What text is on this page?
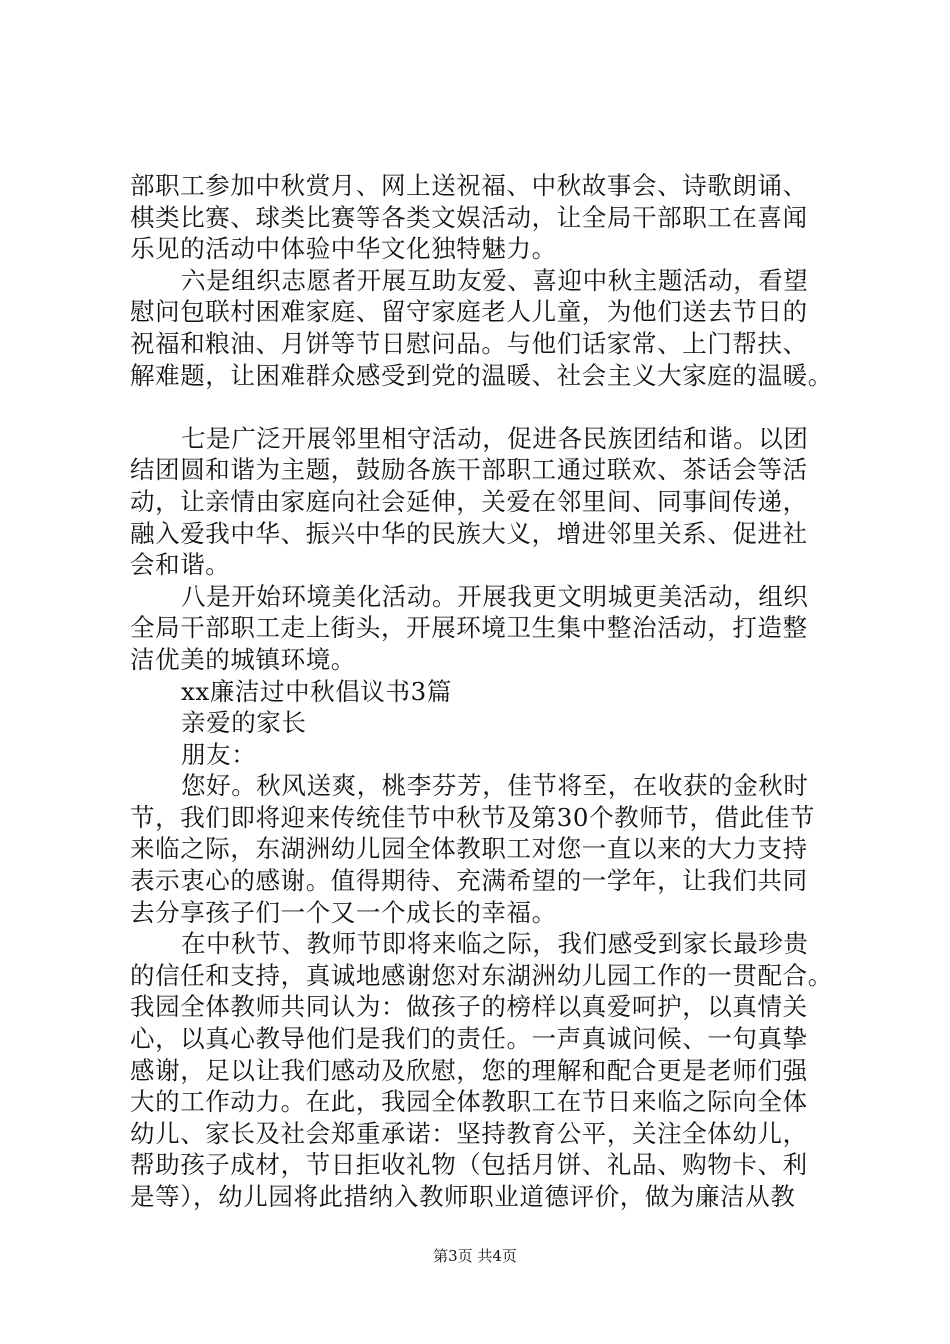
部职工参加中秋赏月、网上送祝福、中秋故事会、诗歌朗诵、
棋类比赛、球类比赛等各类文娱活动，让全局干部职工在喜闻
乐见的活动中体验中华文化独特魅力。
六是组织志愿者开展互助友爱、喜迎中秋主题活动，看望
慰问包联村困难家庭、留守家庭老人儿童，为他们送去节日的
祝福和粮油、月饼等节日慰问品。与他们话家常、上门帮扶、
解难题，让困难群众感受到党的温暖、社会主义大家庭的温暖。
七是广泛开展邻里相守活动，促进各民族团结和谐。以团
结团圆和谐为主题，鼓励各族干部职工通过联欢、茶话会等活
动，让亲情由家庭向社会延伸，关爱在邻里间、同事间传递，
融入爱我中华、振兴中华的民族大义，增进邻里关系、促进社
会和谐。
八是开始环境美化活动。开展我更文明城更美活动，组织
全局干部职工走上街头，开展环境卫生集中整治活动，打造整
洁优美的城镇环境。
xx廉洁过中秋倡议书3篇
亲爱的家长
朋友：
您好。秋风送爽，桃李芬芳，佳节将至，在收获的金秋时
节，我们即将迎来传统佳节中秋节及第30个教师节，借此佳节
来临之际，东湖洲幼儿园全体教职工对您一直以来的大力支持
表示衷心的感谢。值得期待、充满希望的一学年，让我们共同
去分享孩子们一个又一个成长的幸福。
在中秋节、教师节即将来临之际，我们感受到家长最珍贵
的信任和支持，真诚地感谢您对东湖洲幼儿园工作的一贯配合。
我园全体教师共同认为：做孩子的榜样以真爱呵护，以真情关
心，以真心教导他们是我们的责任。一声真诚问候、一句真挚
感谢，足以让我们感动及欣慰，您的理解和配合更是老师们强
大的工作动力。在此，我园全体教职工在节日来临之际向全体
幼儿、家长及社会郑重承诺：坚持教育公平，关注全体幼儿，
帮助孩子成材，节日拒收礼物（包括月饼、礼品、购物卡、利
是等），幼儿园将此措纳入教师职业道德评价，做为廉洁从教
第3页 共4页
